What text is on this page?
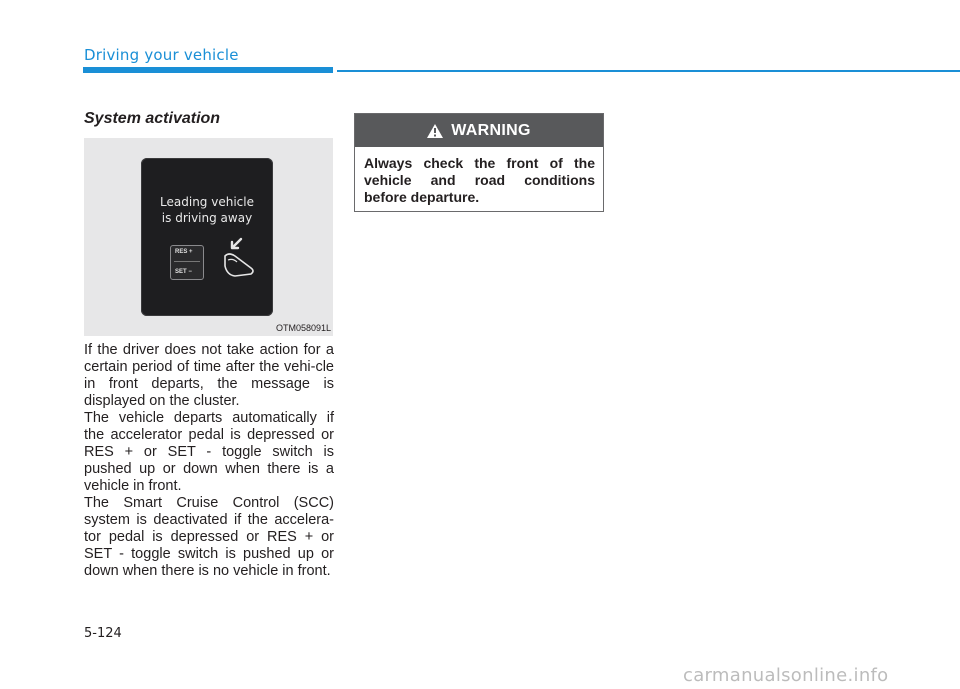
Driving your vehicle
System activation
Leading vehicle
is driving away
RES +
SET −
OTM058091L

If the driver does not take action for a certain period of time after the vehi-cle in front departs, the message is displayed on the cluster.

The vehicle departs automatically if the accelerator pedal is depressed or RES + or SET - toggle switch is pushed up or down when there is a vehicle in front.

The Smart Cruise Control (SCC) system is deactivated if the accelera-tor pedal is depressed or RES + or SET - toggle switch is pushed up or down when there is no vehicle in front.

WARNING
Always check the front of the vehicle and road conditions before departure.
5-124
carmanualsonline.info
